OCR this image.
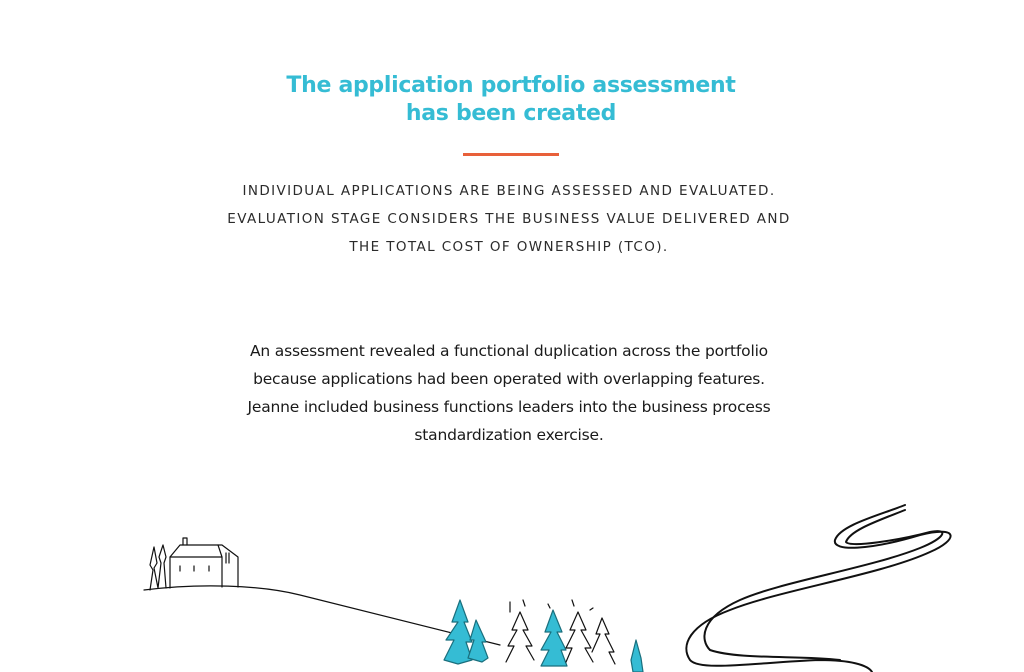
The application portfolio assessment
has been created
INDIVIDUAL APPLICATIONS ARE BEING ASSESSED AND EVALUATED.
EVALUATION STAGE CONSIDERS THE BUSINESS VALUE DELIVERED AND
THE TOTAL COST OF OWNERSHIP (TCO).
An assessment revealed a functional duplication across the portfolio
because applications had been operated with overlapping features.
Jeanne included business functions leaders into the business process
standardization exercise.
